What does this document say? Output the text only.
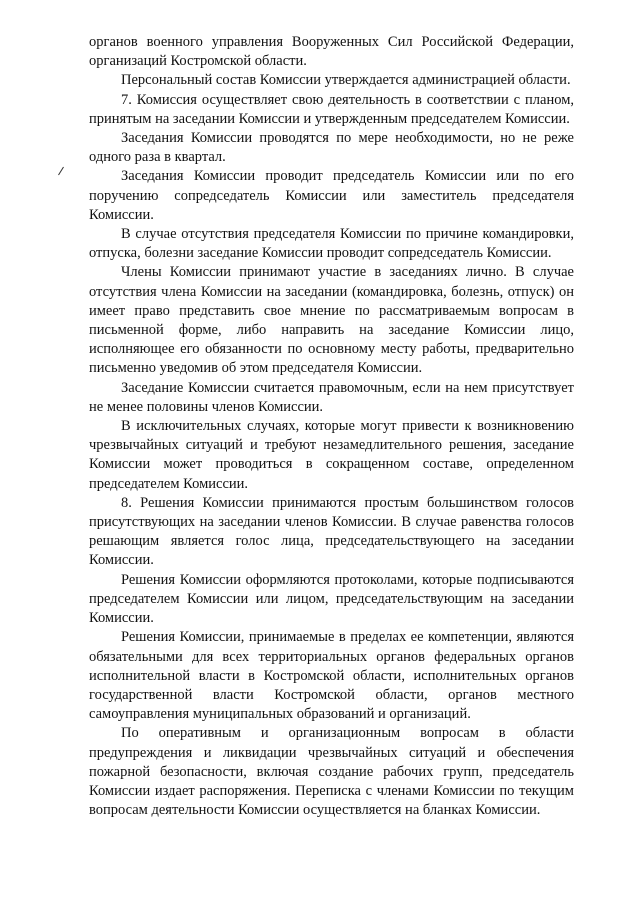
органов военного управления Вооруженных Сил Российской Федерации, организаций Костромской области.

Персональный состав Комиссии утверждается администрацией области.

7. Комиссия осуществляет свою деятельность в соответствии с планом, принятым на заседании Комиссии и утвержденным председателем Комиссии.

Заседания Комиссии проводятся по мере необходимости, но не реже одного раза в квартал.

Заседания Комиссии проводит председатель Комиссии или по его поручению сопредседатель Комиссии или заместитель председателя Комиссии.

В случае отсутствия председателя Комиссии по причине командировки, отпуска, болезни заседание Комиссии проводит сопредседатель Комиссии.

Члены Комиссии принимают участие в заседаниях лично. В случае отсутствия члена Комиссии на заседании (командировка, болезнь, отпуск) он имеет право представить свое мнение по рассматриваемым вопросам в письменной форме, либо направить на заседание Комиссии лицо, исполняющее его обязанности по основному месту работы, предварительно письменно уведомив об этом председателя Комиссии.

Заседание Комиссии считается правомочным, если на нем присутствует не менее половины членов Комиссии.

В исключительных случаях, которые могут привести к возникновению чрезвычайных ситуаций и требуют незамедлительного решения, заседание Комиссии может проводиться в сокращенном составе, определенном председателем Комиссии.

8. Решения Комиссии принимаются простым большинством голосов присутствующих на заседании членов Комиссии. В случае равенства голосов решающим является голос лица, председательствующего на заседании Комиссии.

Решения Комиссии оформляются протоколами, которые подписываются председателем Комиссии или лицом, председательствующим на заседании Комиссии.

Решения Комиссии, принимаемые в пределах ее компетенции, являются обязательными для всех территориальных органов федеральных органов исполнительной власти в Костромской области, исполнительных органов государственной власти Костромской области, органов местного самоуправления муниципальных образований и организаций.

По оперативным и организационным вопросам в области предупреждения и ликвидации чрезвычайных ситуаций и обеспечения пожарной безопасности, включая создание рабочих групп, председатель Комиссии издает распоряжения. Переписка с членами Комиссии по текущим вопросам деятельности Комиссии осуществляется на бланках Комиссии.
